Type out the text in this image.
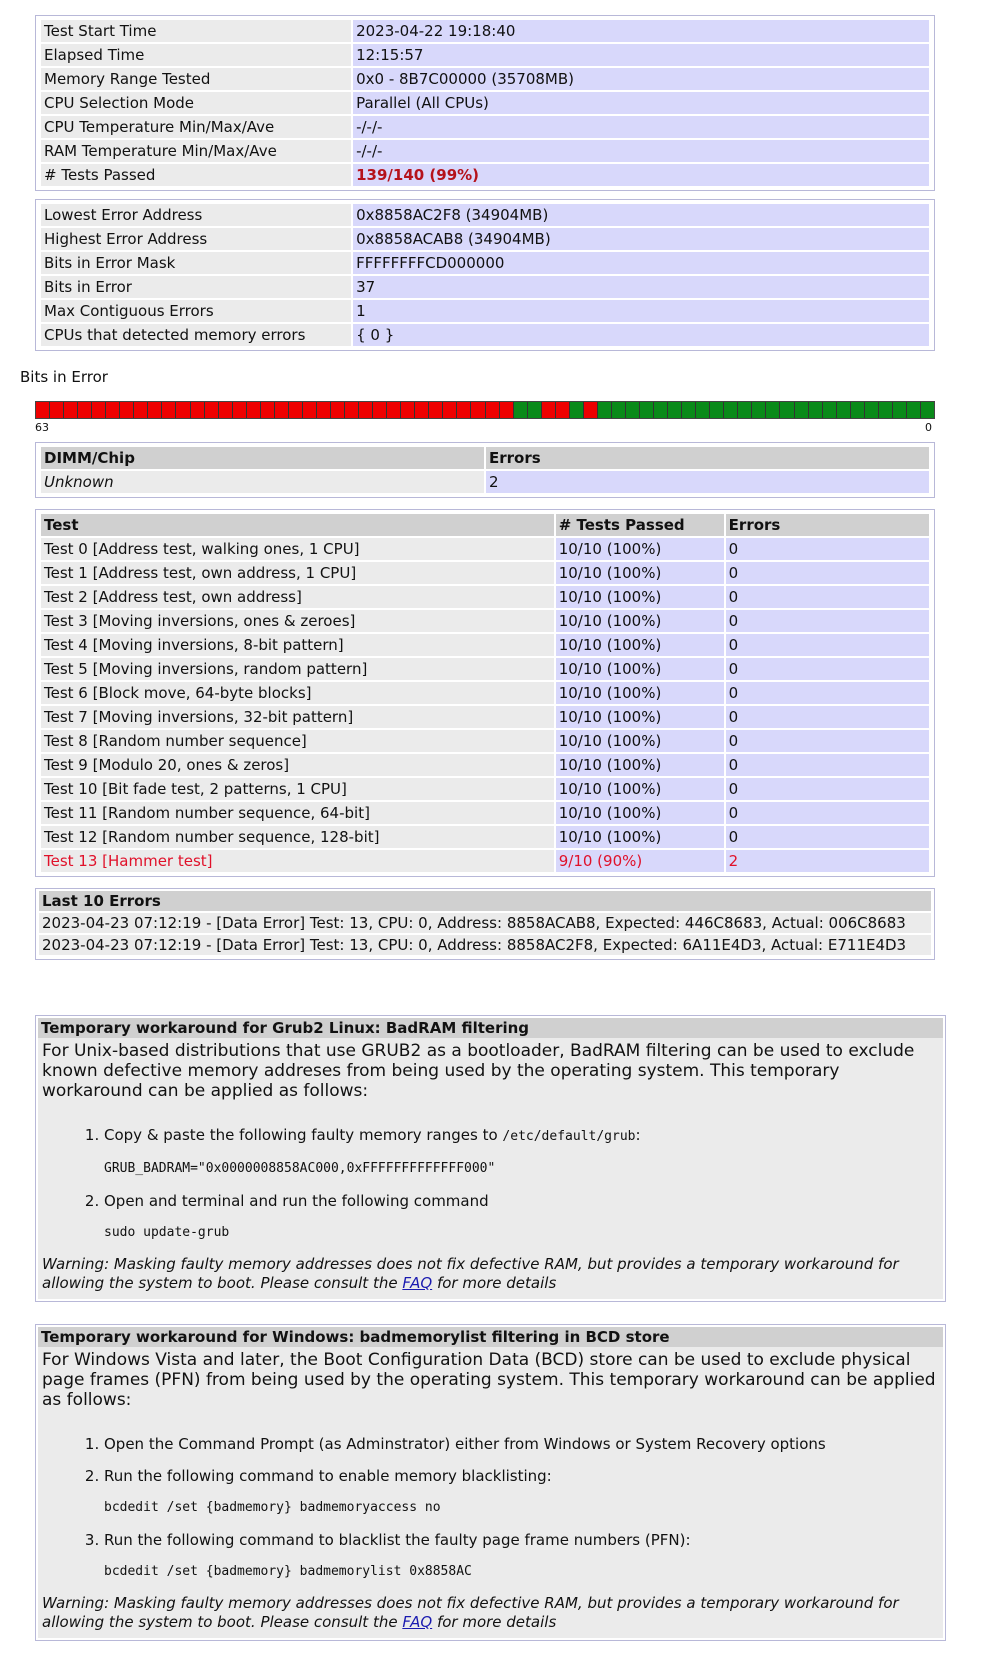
Test Start Time	2023-04-22 19:18:40
Elapsed Time	12:15:57
Memory Range Tested	0x0 - 8B7C00000 (35708MB)
CPU Selection Mode	Parallel (All CPUs)
CPU Temperature Min/Max/Ave	-/-/-
RAM Temperature Min/Max/Ave	-/-/-
# Tests Passed	139/140 (99%)
Lowest Error Address	0x8858AC2F8 (34904MB)
Highest Error Address	0x8858ACAB8 (34904MB)
Bits in Error Mask	FFFFFFFFCD000000
Bits in Error	37
Max Contiguous Errors	1
CPUs that detected memory errors	{ 0 }
Bits in Error
63	0
DIMM/Chip	Errors
Unknown	2
Test	# Tests Passed	Errors
Test 0 [Address test, walking ones, 1 CPU]	10/10 (100%)	0
Test 1 [Address test, own address, 1 CPU]	10/10 (100%)	0
Test 2 [Address test, own address]	10/10 (100%)	0
Test 3 [Moving inversions, ones & zeroes]	10/10 (100%)	0
Test 4 [Moving inversions, 8-bit pattern]	10/10 (100%)	0
Test 5 [Moving inversions, random pattern]	10/10 (100%)	0
Test 6 [Block move, 64-byte blocks]	10/10 (100%)	0
Test 7 [Moving inversions, 32-bit pattern]	10/10 (100%)	0
Test 8 [Random number sequence]	10/10 (100%)	0
Test 9 [Modulo 20, ones & zeros]	10/10 (100%)	0
Test 10 [Bit fade test, 2 patterns, 1 CPU]	10/10 (100%)	0
Test 11 [Random number sequence, 64-bit]	10/10 (100%)	0
Test 12 [Random number sequence, 128-bit]	10/10 (100%)	0
Test 13 [Hammer test]	9/10 (90%)	2
Last 10 Errors
2023-04-23 07:12:19 - [Data Error] Test: 13, CPU: 0, Address: 8858ACAB8, Expected: 446C8683, Actual: 006C8683
2023-04-23 07:12:19 - [Data Error] Test: 13, CPU: 0, Address: 8858AC2F8, Expected: 6A11E4D3, Actual: E711E4D3
Temporary workaround for Grub2 Linux: BadRAM filtering
For Unix-based distributions that use GRUB2 as a bootloader, BadRAM filtering can be used to exclude known defective memory addreses from being used by the operating system. This temporary workaround can be applied as follows:
1. Copy & paste the following faulty memory ranges to /etc/default/grub:
GRUB_BADRAM="0x0000008858AC000,0xFFFFFFFFFFFFF000"
2. Open and terminal and run the following command
sudo update-grub
Warning: Masking faulty memory addresses does not fix defective RAM, but provides a temporary workaround for allowing the system to boot. Please consult the FAQ for more details
Temporary workaround for Windows: badmemorylist filtering in BCD store
For Windows Vista and later, the Boot Configuration Data (BCD) store can be used to exclude physical page frames (PFN) from being used by the operating system. This temporary workaround can be applied as follows:
1. Open the Command Prompt (as Adminstrator) either from Windows or System Recovery options
2. Run the following command to enable memory blacklisting:
bcdedit /set {badmemory} badmemoryaccess no
3. Run the following command to blacklist the faulty page frame numbers (PFN):
bcdedit /set {badmemory} badmemorylist 0x8858AC
Warning: Masking faulty memory addresses does not fix defective RAM, but provides a temporary workaround for allowing the system to boot. Please consult the FAQ for more details
